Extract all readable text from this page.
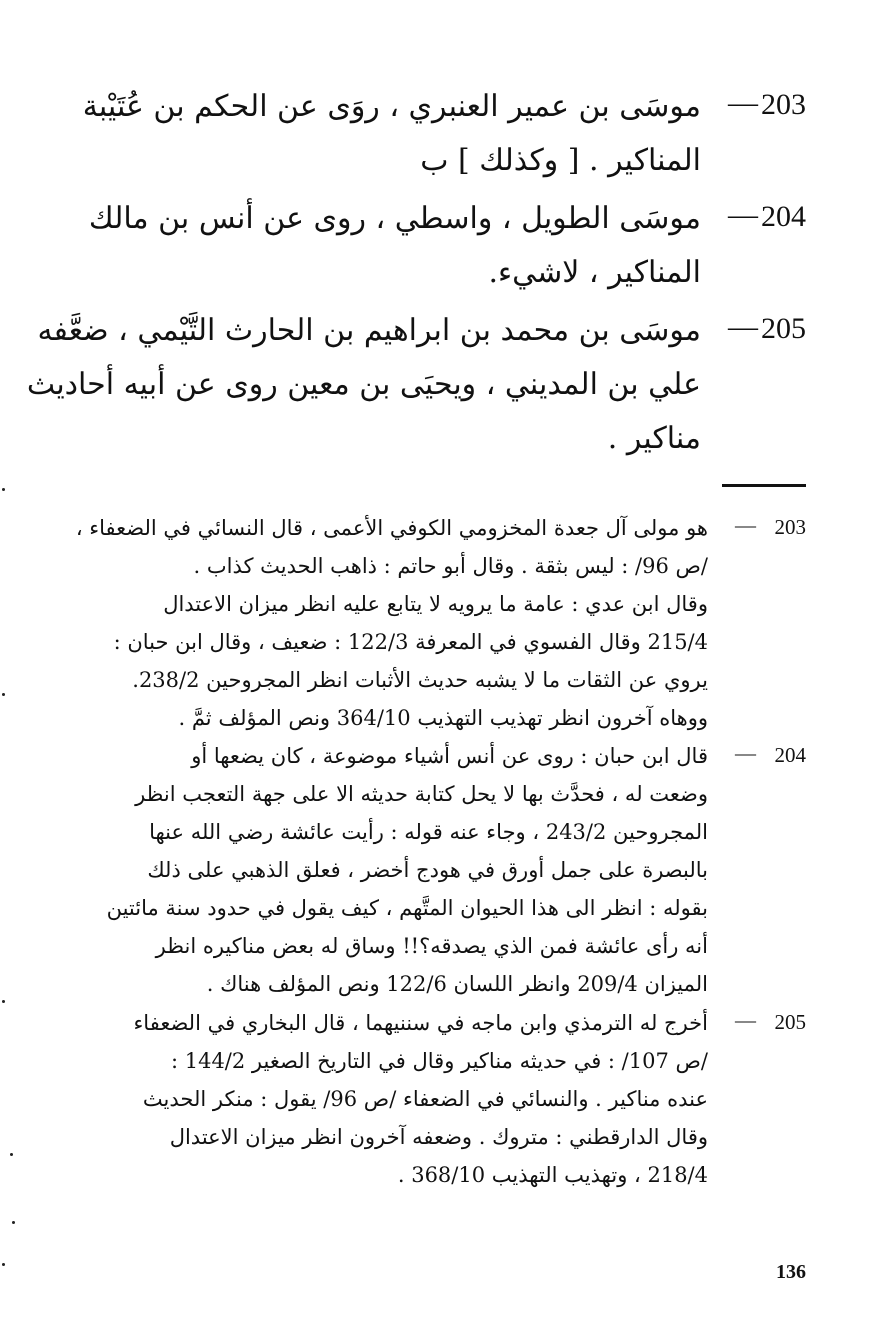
203
—
موسَى بن عمير العنبري ، روَى عن الحكم بن عُتَيْبة
المناكير . [ وكذلك ] ب
204
—
موسَى الطويل ، واسطي ، روى عن أنس بن مالك
المناكير ، لاشيء.
205
—
موسَى بن محمد بن ابراهيم بن الحارث التَّيْمي ، ضعَّفه
علي بن المديني ، ويحيَى بن معين روى عن أبيه أحاديث
مناكير .
203
—
هو مولى آل جعدة المخزومي الكوفي الأعمى ، قال النسائي في الضعفاء ،
/ص 96/ : ليس بثقة . وقال أبو حاتم : ذاهب الحديث كذاب .
وقال ابن عدي : عامة ما يرويه لا يتابع عليه انظر ميزان الاعتدال
215/4 وقال الفسوي في المعرفة 122/3 : ضعيف ، وقال ابن حبان :
يروي عن الثقات ما لا يشبه حديث الأثبات انظر المجروحين 238/2.
ووهاه آخرون انظر تهذيب التهذيب 364/10 ونص المؤلف ثمَّ .
204
—
قال ابن حبان : روى عن أنس أشياء موضوعة ، كان يضعها أو
وضعت له ، فحدَّث بها لا يحل كتابة حديثه الا على جهة التعجب انظر
المجروحين 243/2 ، وجاء عنه قوله : رأيت عائشة رضي الله عنها
بالبصرة على جمل أورق في هودج أخضر ، فعلق الذهبي على ذلك
بقوله : انظر الى هذا الحيوان المتَّهم ، كيف يقول في حدود سنة مائتين
أنه رأى عائشة فمن الذي يصدقه؟!! وساق له بعض مناكيره انظر
الميزان 209/4 وانظر اللسان 122/6 ونص المؤلف هناك .
205
—
أخرج له الترمذي وابن ماجه في سننيهما ، قال البخاري في الضعفاء
/ص 107/ : في حديثه مناكير وقال في التاريخ الصغير 144/2 :
عنده مناكير . والنسائي في الضعفاء /ص 96/ يقول : منكر الحديث
وقال الدارقطني : متروك . وضعفه آخرون انظر ميزان الاعتدال
218/4 ، وتهذيب التهذيب 368/10 .
136
